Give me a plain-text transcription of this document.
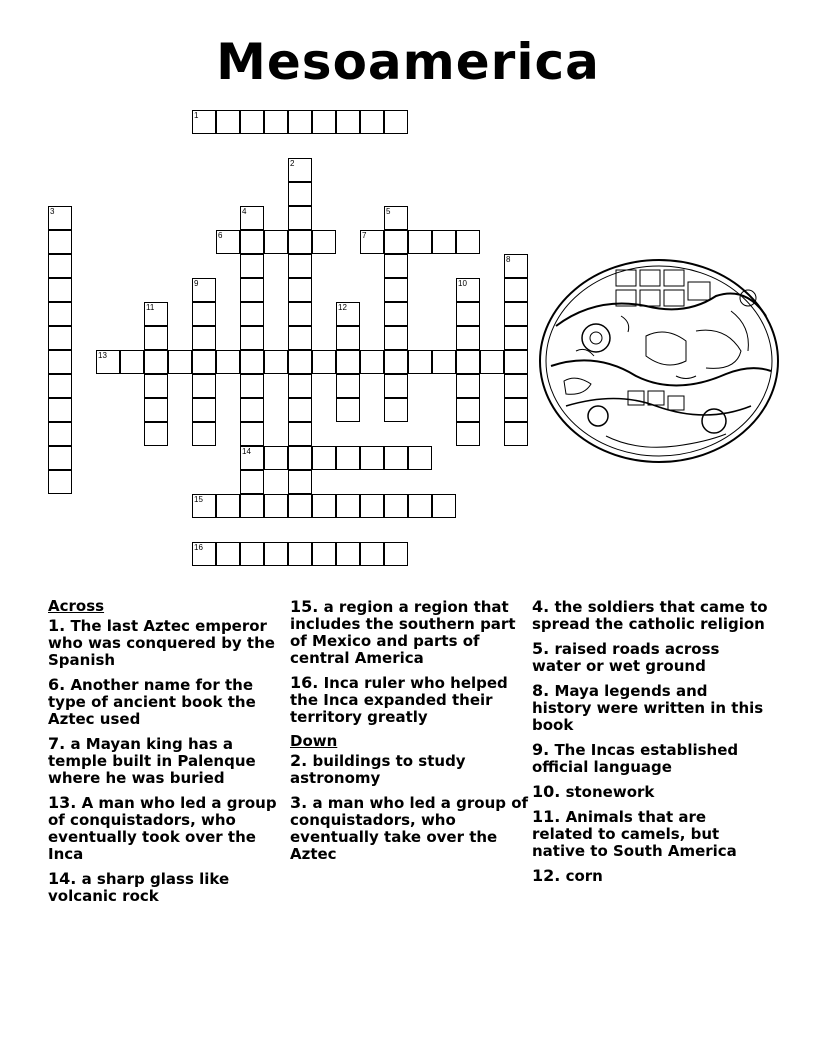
Mesoamerica
1
2
3	4
14
5
6	7
8
9	10
11	12
13
15
16
Across
1. The last Aztec emperor who was conquered by the Spanish
6. Another name for the type of ancient book the Aztec used
7. a Mayan king has a temple built in Palenque where he was buried
13. A man who led a group of conquistadors, who eventually took over the Inca
14. a sharp glass like volcanic rock
15. a region a region that includes the southern part of Mexico and parts of central America
16. Inca ruler who helped the Inca expanded their territory greatly
Down
2. buildings to study astronomy
3. a man who led a group of conquistadors, who eventually take over the Aztec
4. the soldiers that came to spread the catholic religion
5. raised roads across water or wet ground
8. Maya legends and history were written in this book
9. The Incas established official language
10. stonework
11. Animals that are related to camels, but native to South America
12. corn
